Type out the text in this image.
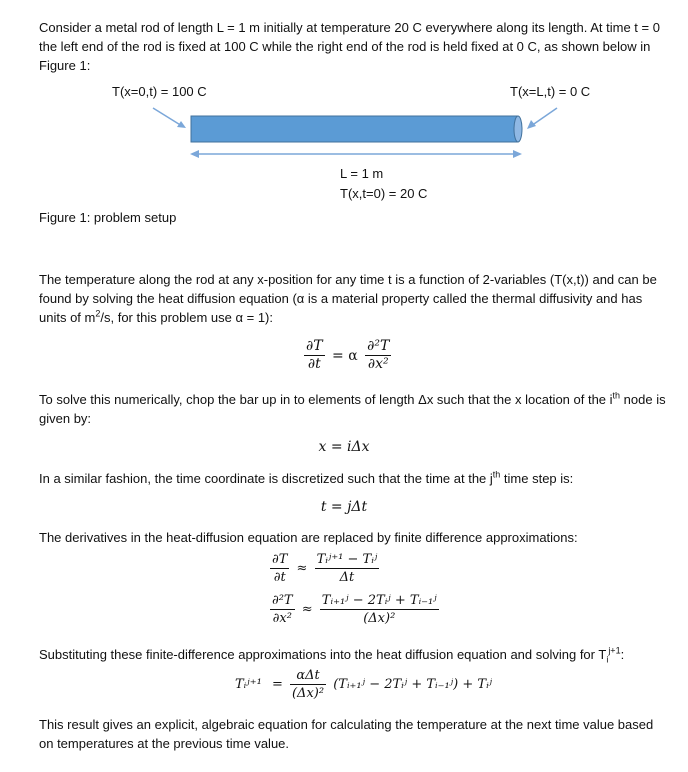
Consider a metal rod of length L = 1 m initially at temperature 20 C everywhere along its length. At time t = 0 the left end of the rod is fixed at 100 C while the right end of the rod is held fixed at 0 C, as shown below in Figure 1:

T(x=0,t) = 100 C	T(x=L,t) = 0 C
L = 1 m
T(x,t=0) = 20 C
Figure 1: problem setup

The temperature along the rod at any x-position for any time t is a function of 2-variables (T(x,t)) and can be found by solving the heat diffusion equation (α is a material property called the thermal diffusivity and has units of $m^2/s$, for this problem use α = 1):

$\frac{\partial T}{\partial t} = \alpha \frac{\text{∂²T}}{\text{∂x²}}$

To solve this numerically, chop the bar up in to elements of length Δx such that the x location of the $i^{th}$ node is given by:

x = iΔx

In a similar fashion, the time coordinate is discretized such that the time at the $j^{th}$ time step is:

t = jΔt

The derivatives in the heat-diffusion equation are replaced by finite difference approximations:

$\frac{\partial T}{\partial t} \approx \frac{\text{Tᵢʲ⁺¹ − Tᵢʲ}}{\Delta t}$
$\frac{\text{∂²T}}{\text{∂x²}} \approx \frac{\text{Tᵢ₊₁ʲ − 2Tᵢʲ + Tᵢ₋₁ʲ}}{\text{(Δx)²}}$

Substituting these finite-difference approximations into the heat diffusion equation and solving for $T_i^{j+1}$:

Tᵢʲ⁺¹ = $\frac{\text{αΔt}}{\text{(Δx)²}}$ (Tᵢ₊₁ʲ − 2Tᵢʲ + Tᵢ₋₁ʲ) + Tᵢʲ

This result gives an explicit, algebraic equation for calculating the temperature at the next time value based on temperatures at the previous time value.
